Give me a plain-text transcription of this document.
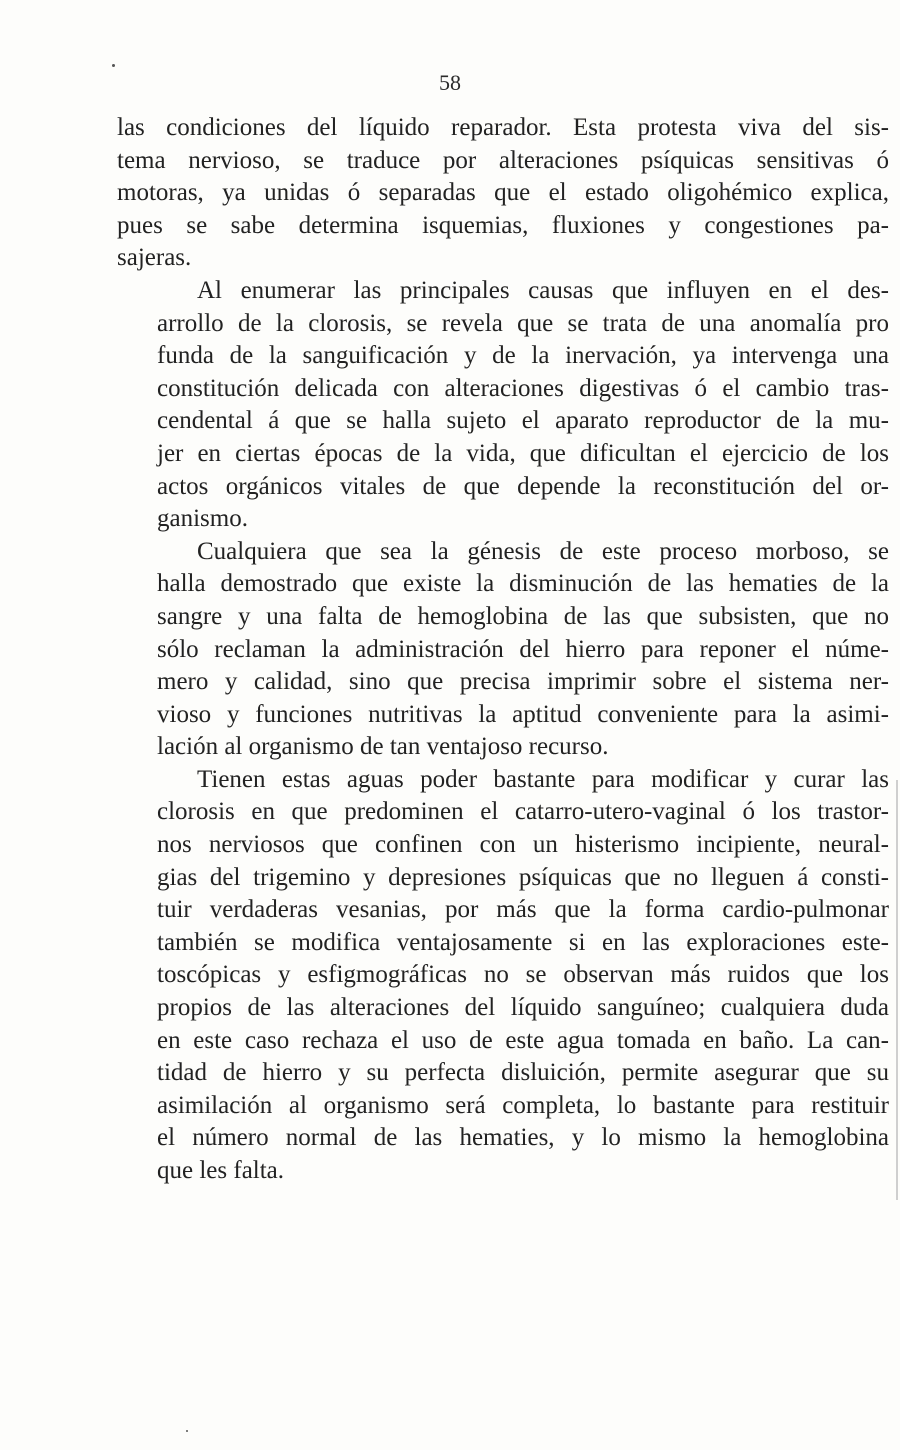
58
las condiciones del líquido reparador. Esta protesta viva del sis-
tema nervioso, se traduce por alteraciones psíquicas sensitivas ó
motoras, ya unidas ó separadas que el estado oligohémico explica,
pues se sabe determina isquemias, fluxiones y congestiones pa-
sajeras.
Al enumerar las principales causas que influyen en el des-
arrollo de la clorosis, se revela que se trata de una anomalía pro
funda de la sanguificación y de la inervación, ya intervenga una
constitución delicada con alteraciones digestivas ó el cambio tras-
cendental á que se halla sujeto el aparato reproductor de la mu-
jer en ciertas épocas de la vida, que dificultan el ejercicio de los
actos orgánicos vitales de que depende la reconstitución del or-
ganismo.
Cualquiera que sea la génesis de este proceso morboso, se
halla demostrado que existe la disminución de las hematies de la
sangre y una falta de hemoglobina de las que subsisten, que no
sólo reclaman la administración del hierro para reponer el núme-
mero y calidad, sino que precisa imprimir sobre el sistema ner-
vioso y funciones nutritivas la aptitud conveniente para la asimi-
lación al organismo de tan ventajoso recurso.
Tienen estas aguas poder bastante para modificar y curar las
clorosis en que predominen el catarro-utero-vaginal ó los trastor-
nos nerviosos que confinen con un histerismo incipiente, neural-
gias del trigemino y depresiones psíquicas que no lleguen á consti-
tuir verdaderas vesanias, por más que la forma cardio-pulmonar
también se modifica ventajosamente si en las exploraciones este-
toscópicas y esfigmográficas no se observan más ruidos que los
propios de las alteraciones del líquido sanguíneo; cualquiera duda
en este caso rechaza el uso de este agua tomada en baño. La can-
tidad de hierro y su perfecta disluición, permite asegurar que su
asimilación al organismo será completa, lo bastante para restituir
el número normal de las hematies, y lo mismo la hemoglobina
que les falta.
